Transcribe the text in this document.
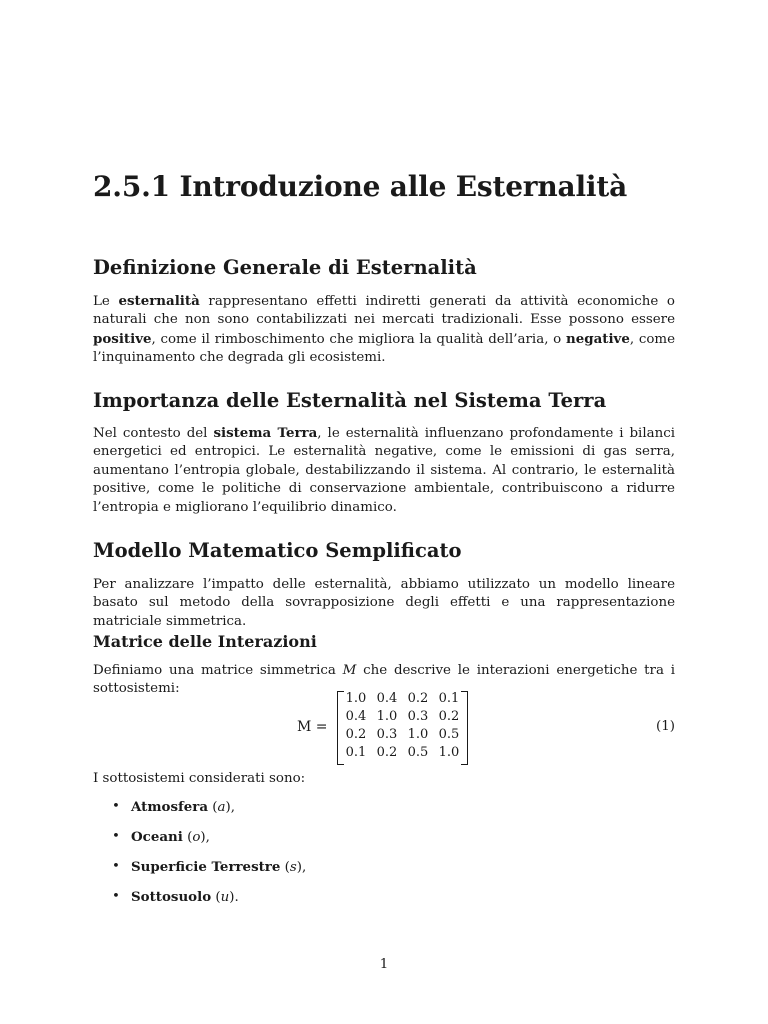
2.5.1 Introduzione alle Esternalità
Definizione Generale di Esternalità

Le esternalità rappresentano effetti indiretti generati da attività economiche o naturali che non sono contabilizzati nei mercati tradizionali. Esse possono essere positive, come il rimboschimento che migliora la qualità dell’aria, o negative, come l’inquinamento che degrada gli ecosistemi.

Importanza delle Esternalità nel Sistema Terra

Nel contesto del sistema Terra, le esternalità influenzano profondamente i bilanci energetici ed entropici. Le esternalità negative, come le emissioni di gas serra, aumentano l’entropia globale, destabilizzando il sistema. Al contrario, le esternalità positive, come le politiche di conservazione ambientale, contribuiscono a ridurre l’entropia e migliorano l’equilibrio dinamico.

Modello Matematico Semplificato

Per analizzare l’impatto delle esternalità, abbiamo utilizzato un modello lineare basato sul metodo della sovrapposizione degli effetti e una rappresentazione matriciale simmetrica.

Matrice delle Interazioni

Definiamo una matrice simmetrica M che descrive le interazioni energetiche tra i sottosistemi:

M =
1.0 0.4 0.2 0.1
0.4 1.0 0.3 0.2
0.2 0.3 1.0 0.5
0.1 0.2 0.5 1.0
(1)

I sottosistemi considerati sono:

• Atmosfera (a),
• Oceani (o),
• Superficie Terrestre (s),
• Sottosuolo (u).
1
